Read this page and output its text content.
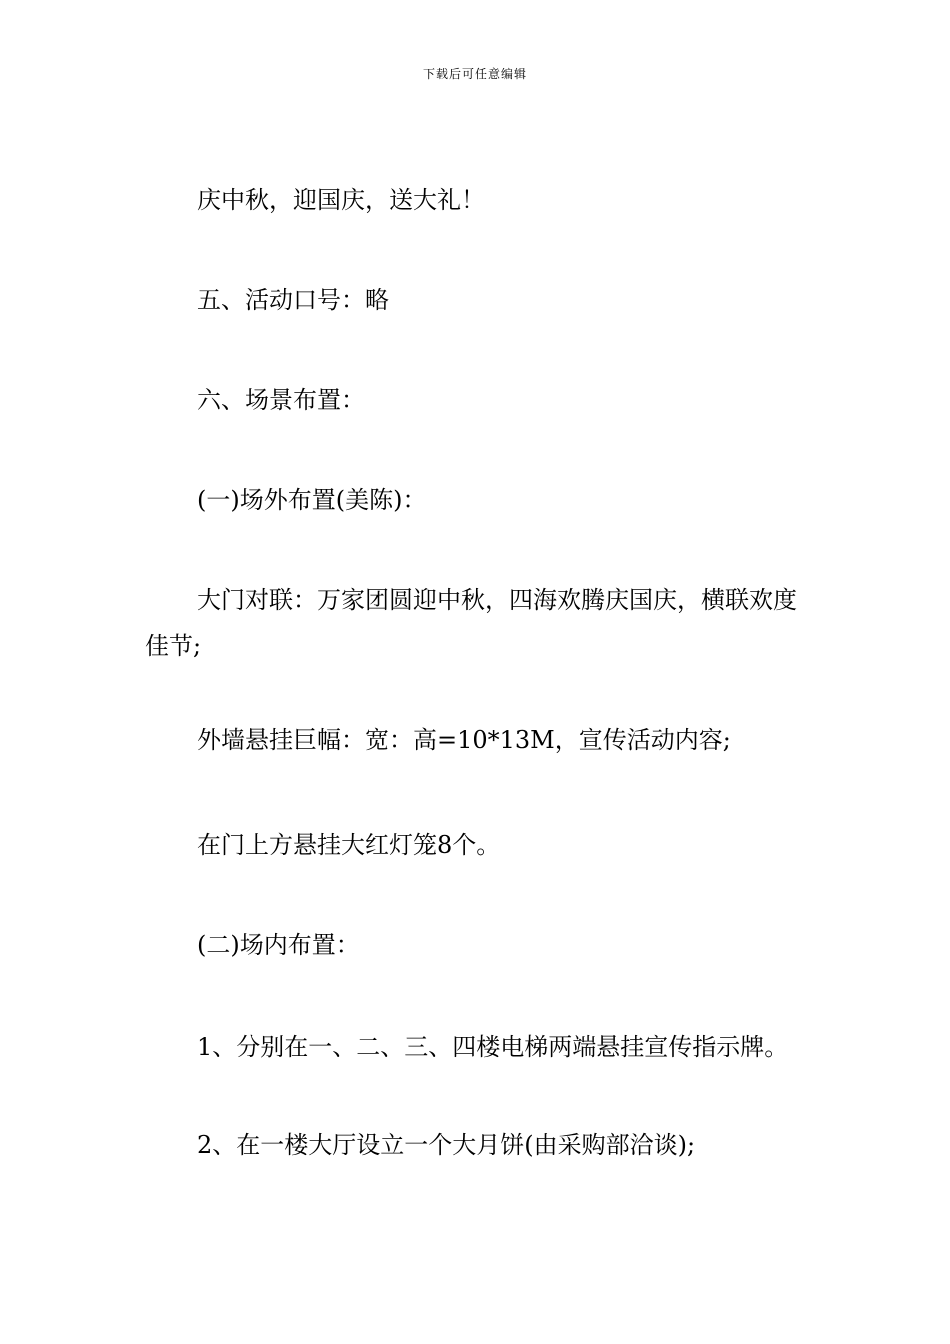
下载后可任意编辑

庆中秋，迎国庆，送大礼！

五、活动口号：略

六、场景布置：

(一)场外布置(美陈)：

大门对联：万家团圆迎中秋，四海欢腾庆国庆，横联欢度佳节;

外墙悬挂巨幅：宽：高=10*13M，宣传活动内容;

在门上方悬挂大红灯笼8个。

(二)场内布置：

1、分别在一、二、三、四楼电梯两端悬挂宣传指示牌。

2、在一楼大厅设立一个大月饼(由采购部洽谈);
